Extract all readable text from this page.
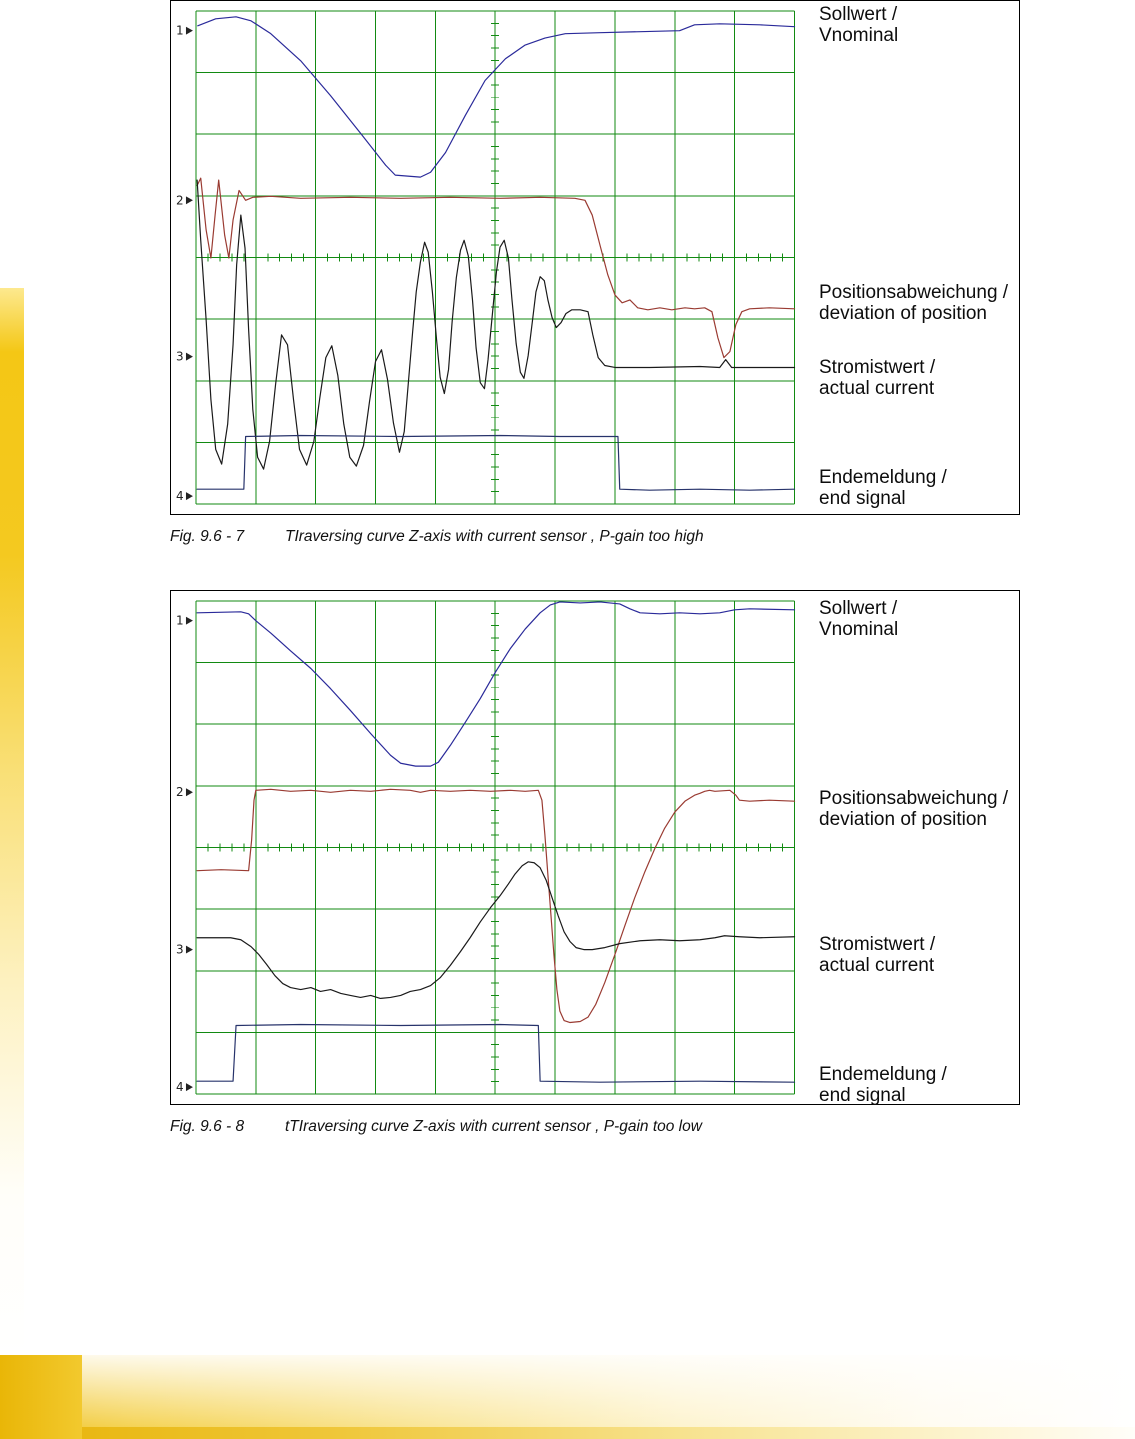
1
2
3
4
Sollwert /
Vnominal
Positionsabweichung /
deviation of position
Stromistwert /
actual current
Endemeldung /
end signal
Fig. 9.6 - 7	TIraversing curve Z-axis with current sensor , P-gain too high
1
2
3
4
Sollwert /
Vnominal
Positionsabweichung /
deviation of position
Stromistwert /
actual current
Endemeldung /
end signal
Fig. 9.6 - 8	tTIraversing curve Z-axis with current sensor , P-gain too low
